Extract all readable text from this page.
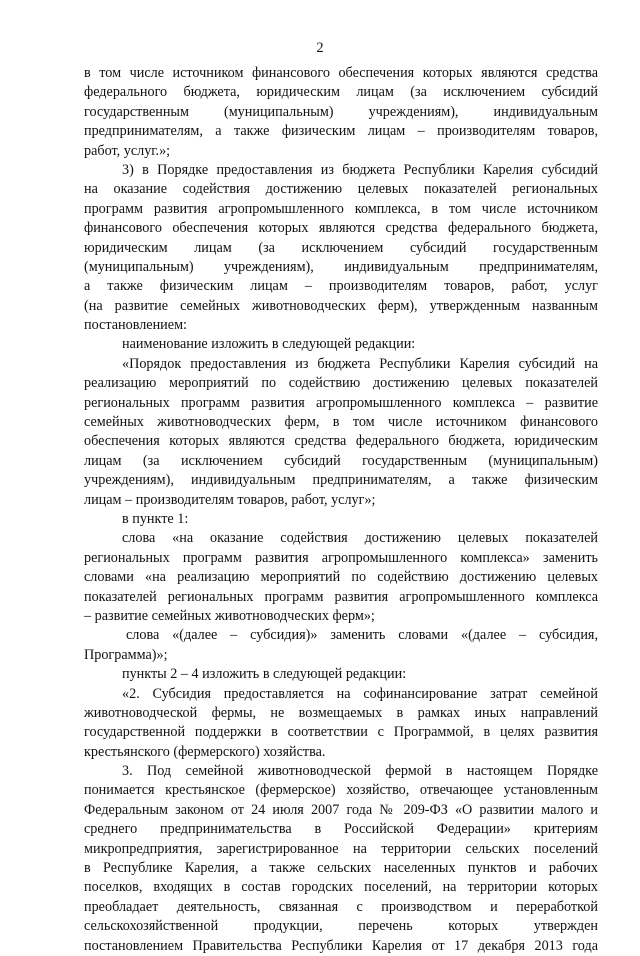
2
в том числе источником финансового обеспечения которых являются средства
федерального бюджета, юридическим лицам (за исключением субсидий
государственным (муниципальным) учреждениям), индивидуальным
предпринимателям, а также физическим лицам – производителям товаров,
работ, услуг.»;
3) в Порядке предоставления из бюджета Республики Карелия субсидий
на оказание содействия достижению целевых показателей региональных
программ развития агропромышленного комплекса, в том числе источником
финансового обеспечения которых являются средства федерального бюджета,
юридическим лицам (за исключением субсидий государственным
(муниципальным) учреждениям), индивидуальным предпринимателям,
а также физическим лицам – производителям товаров, работ, услуг
(на развитие семейных животноводческих ферм), утвержденным названным
постановлением:
наименование изложить в следующей редакции:
«Порядок предоставления из бюджета Республики Карелия субсидий на
реализацию мероприятий по содействию достижению целевых показателей
региональных программ развития агропромышленного комплекса – развитие
семейных животноводческих ферм, в том числе источником финансового
обеспечения которых являются средства федерального бюджета, юридическим
лицам (за исключением субсидий государственным (муниципальным)
учреждениям), индивидуальным предпринимателям, а также физическим
лицам – производителям товаров, работ, услуг»;
в пункте 1:
слова «на оказание содействия достижению целевых показателей
региональных программ развития агропромышленного комплекса» заменить
словами «на реализацию мероприятий по содействию достижению целевых
показателей региональных программ развития агропромышленного комплекса
– развитие семейных животноводческих ферм»;
слова «(далее – субсидия)» заменить словами «(далее – субсидия,
Программа)»;
пункты 2 – 4 изложить в следующей редакции:
«2. Субсидия предоставляется на софинансирование затрат семейной
животноводческой фермы, не возмещаемых в рамках иных направлений
государственной поддержки в соответствии с Программой, в целях развития
крестьянского (фермерского) хозяйства.
3. Под семейной животноводческой фермой в настоящем Порядке
понимается крестьянское (фермерское) хозяйство, отвечающее установленным
Федеральным законом от 24 июля 2007 года № 209-ФЗ «О развитии малого и
среднего предпринимательства в Российской Федерации» критериям
микропредприятия, зарегистрированное на территории сельских поселений
в Республике Карелия, а также сельских населенных пунктов и рабочих
поселков, входящих в состав городских поселений, на территории которых
преобладает деятельность, связанная с производством и переработкой
сельскохозяйственной продукции, перечень которых утвержден
постановлением Правительства Республики Карелия от 17 декабря 2013 года
